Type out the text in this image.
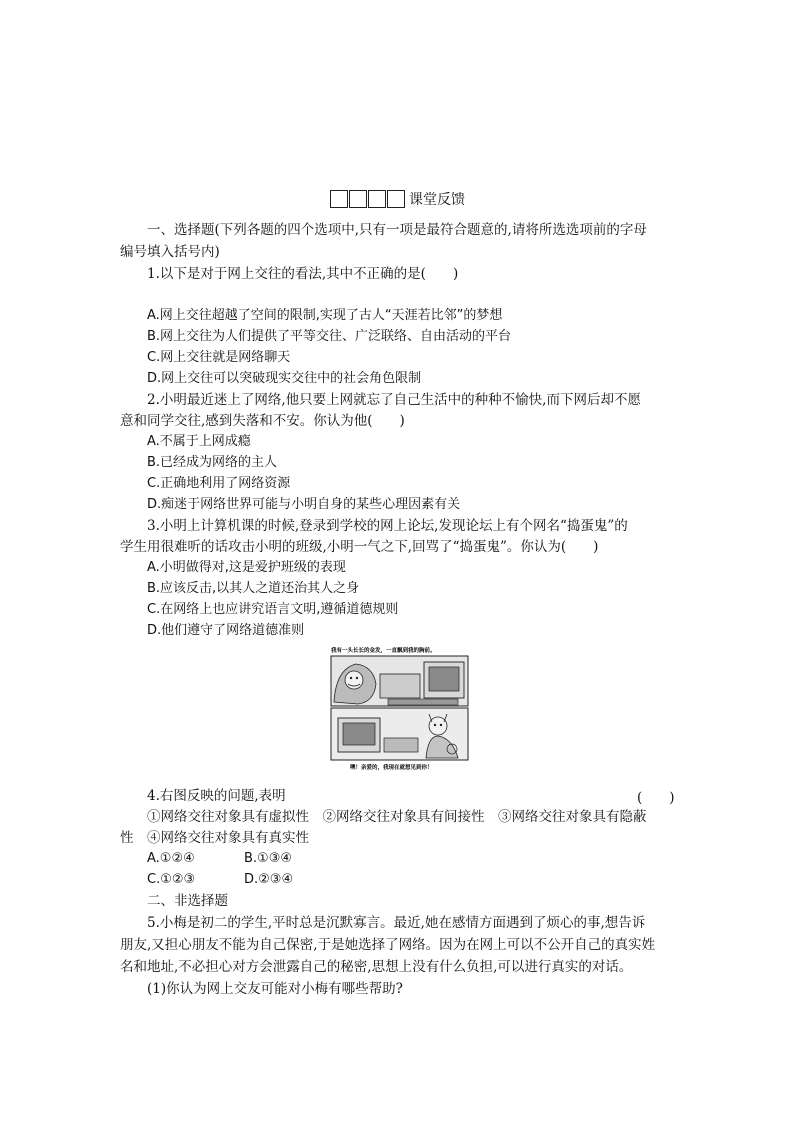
课堂反馈
一、选择题(下列各题的四个选项中,只有一项是最符合题意的,请将所选选项前的字母
编号填入括号内)
1.以下是对于网上交往的看法,其中不正确的是(　　)
A.网上交往超越了空间的限制,实现了古人“天涯若比邻”的梦想
B.网上交往为人们提供了平等交往、广泛联络、自由活动的平台
C.网上交往就是网络聊天
D.网上交往可以突破现实交往中的社会角色限制
2.小明最近迷上了网络,他只要上网就忘了自己生活中的种种不愉快,而下网后却不愿
意和同学交往,感到失落和不安。你认为他(　　)
A.不属于上网成瘾
B.已经成为网络的主人
C.正确地利用了网络资源
D.痴迷于网络世界可能与小明自身的某些心理因素有关
3.小明上计算机课的时候,登录到学校的网上论坛,发现论坛上有个网名“捣蛋鬼”的
学生用很难听的话攻击小明的班级,小明一气之下,回骂了“捣蛋鬼”。你认为(　　)
A.小明做得对,这是爱护班级的表现
B.应该反击,以其人之道还治其人之身
C.在网络上也应讲究语言文明,遵循道德规则
D.他们遵守了网络道德准则
我有一头长长的金发，一直飘到我的胸前。
噢！亲爱的，我现在就想见到你！
4.右图反映的问题,表明	(　　)
①网络交往对象具有虚拟性　②网络交往对象具有间接性　③网络交往对象具有隐蔽
性　④网络交往对象具有真实性
A.①②④	B.①③④
C.①②③	D.②③④
二、非选择题
5.小梅是初二的学生,平时总是沉默寡言。最近,她在感情方面遇到了烦心的事,想告诉
朋友,又担心朋友不能为自己保密,于是她选择了网络。因为在网上可以不公开自己的真实姓
名和地址,不必担心对方会泄露自己的秘密,思想上没有什么负担,可以进行真实的对话。
(1)你认为网上交友可能对小梅有哪些帮助?
